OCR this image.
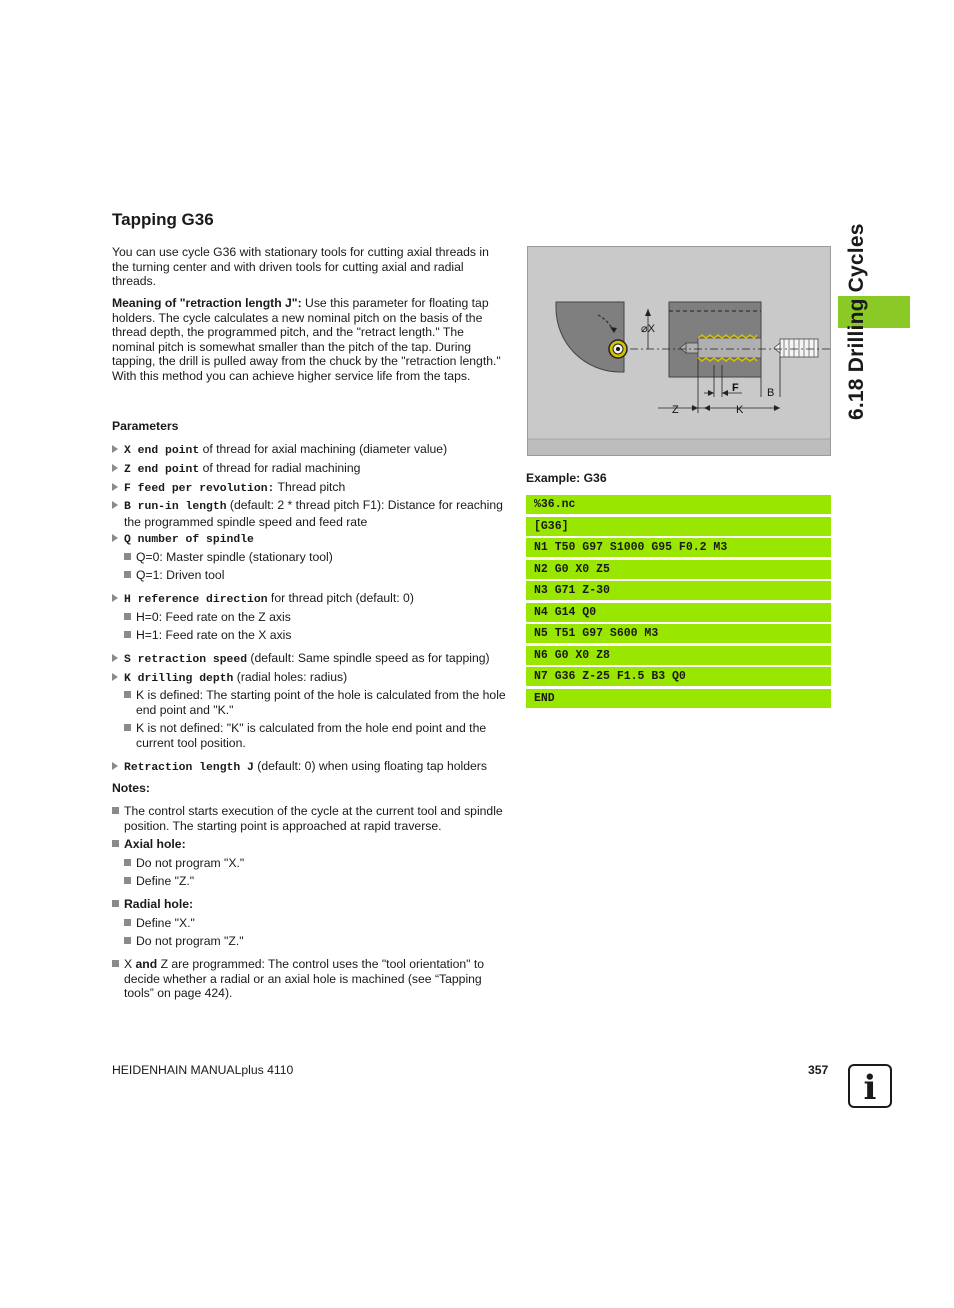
6.18 Drilling Cycles
Tapping G36
You can use cycle G36 with stationary tools for cutting axial threads in the turning center and with driven tools for cutting axial and radial threads.
Meaning of "retraction length J": Use this parameter for floating tap holders. The cycle calculates a new nominal pitch on the basis of the thread depth, the programmed pitch, and the "retract length." The nominal pitch is somewhat smaller than the pitch of the tap. During tapping, the drill is pulled away from the chuck by the "retraction length." With this method you can achieve higher service life from the taps.
Parameters
X end point of thread for axial machining (diameter value)
Z end point of thread for radial machining
F feed per revolution: Thread pitch
B run-in length (default: 2 * thread pitch F1): Distance for reaching the programmed spindle speed and feed rate
Q number of spindle
Q=0: Master spindle (stationary tool)
Q=1: Driven tool
H reference direction for thread pitch (default: 0)
H=0: Feed rate on the Z axis
H=1: Feed rate on the X axis
S retraction speed (default: Same spindle speed as for tapping)
K drilling depth (radial holes: radius)
K is defined: The starting point of the hole is calculated from the hole end point and "K."
K is not defined: "K" is calculated from the hole end point and the current tool position.
Retraction length J (default: 0) when using floating tap holders
Notes:
The control starts execution of the cycle at the current tool and spindle position. The starting point is approached at rapid traverse.
Axial hole:
Do not program "X."
Define "Z."
Radial hole:
Define "X."
Do not program "Z."
X and Z are programmed: The control uses the "tool orientation" to decide whether a radial or an axial hole is machined (see “Tapping tools” on page 424).
⌀X
F	B
Z	K
Example: G36
%36.nc
[G36]
N1 T50 G97 S1000 G95 F0.2 M3
N2 G0 X0 Z5
N3 G71 Z-30
N4 G14 Q0
N5 T51 G97 S600 M3
N6 G0 X0 Z8
N7 G36 Z-25 F1.5 B3 Q0
END
HEIDENHAIN MANUALplus 4110	357 i
